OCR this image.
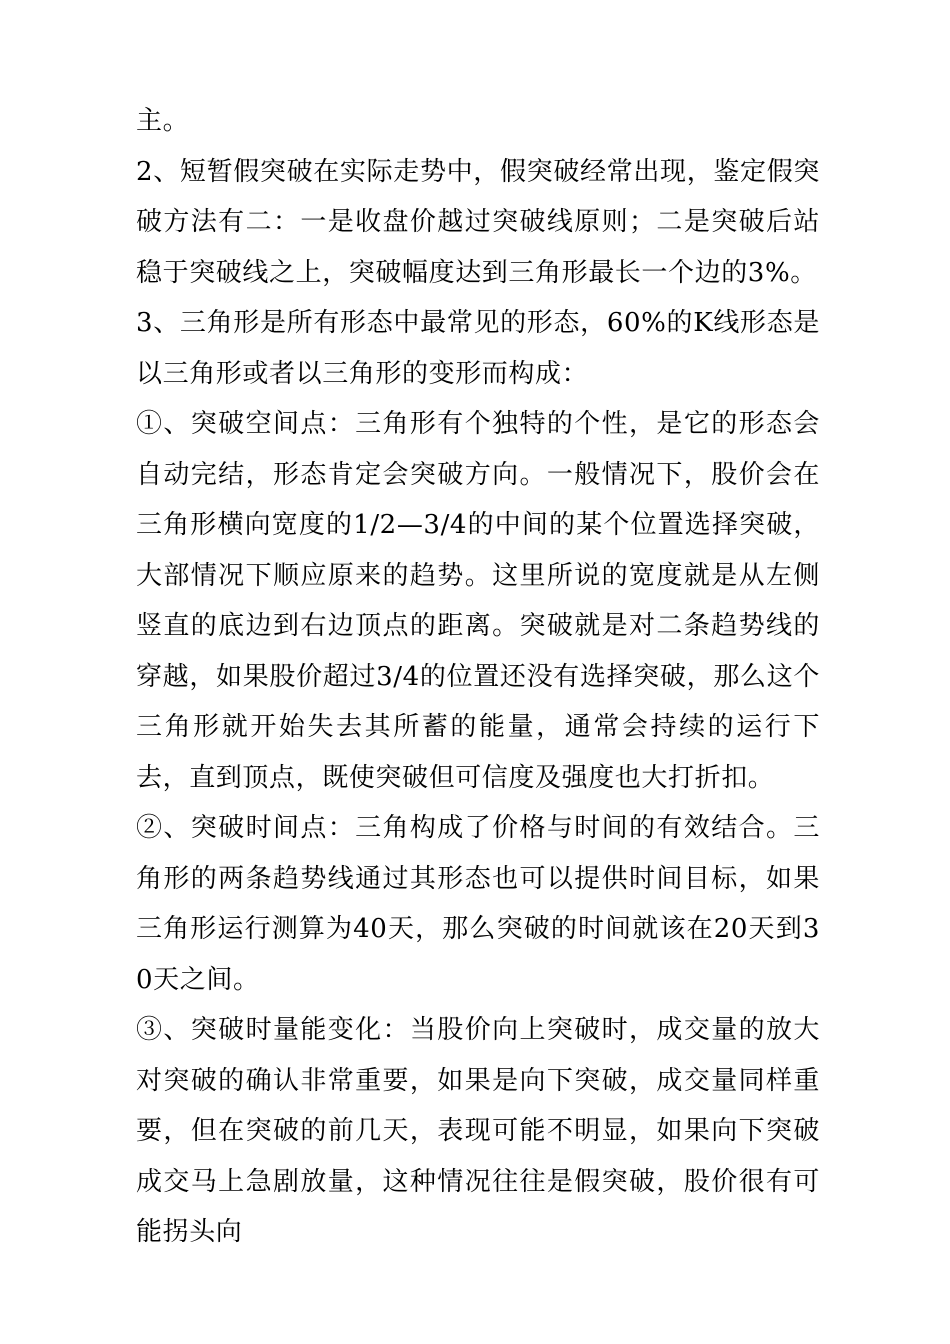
主。

2、短暂假突破在实际走势中，假突破经常出现，鉴定假突破方法有二：一是收盘价越过突破线原则；二是突破后站稳于突破线之上，突破幅度达到三角形最长一个边的3%。

3、三角形是所有形态中最常见的形态，60%的K线形态是以三角形或者以三角形的变形而构成：

①、突破空间点：三角形有个独特的个性，是它的形态会自动完结，形态肯定会突破方向。一般情况下，股价会在三角形横向宽度的1/2—3/4的中间的某个位置选择突破，大部情况下顺应原来的趋势。这里所说的宽度就是从左侧竖直的底边到右边顶点的距离。突破就是对二条趋势线的穿越，如果股价超过3/4的位置还没有选择突破，那么这个三角形就开始失去其所蓄的能量，通常会持续的运行下去，直到顶点，既使突破但可信度及强度也大打折扣。

②、突破时间点：三角构成了价格与时间的有效结合。三角形的两条趋势线通过其形态也可以提供时间目标，如果三角形运行测算为40天，那么突破的时间就该在20天到30天之间。

③、突破时量能变化：当股价向上突破时，成交量的放大对突破的确认非常重要，如果是向下突破，成交量同样重要，但在突破的前几天，表现可能不明显，如果向下突破成交马上急剧放量，这种情况往往是假突破，股价很有可能拐头向
